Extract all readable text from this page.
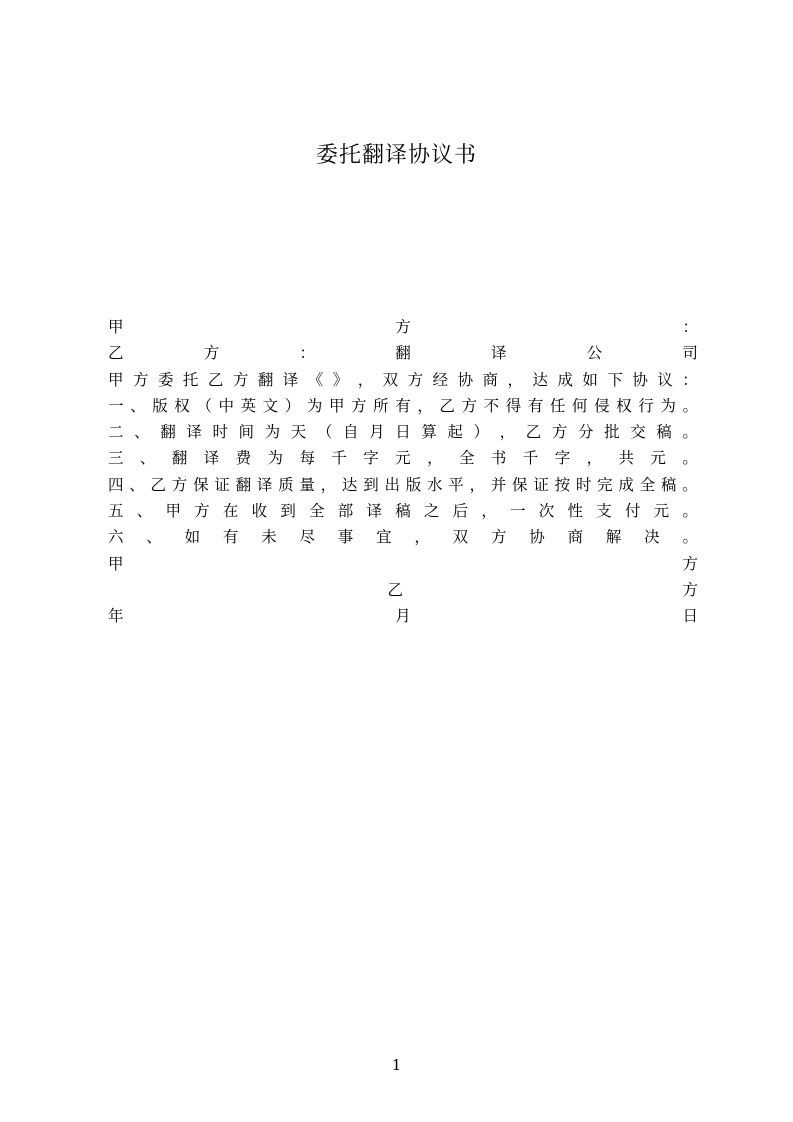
委托翻译协议书
甲	方	：
乙	方	：	翻	译	公	司
甲 方 委 托 乙 方 翻 译 《 》 ， 双 方 经 协 商 ， 达 成 如 下 协 议 ：
一 、 版 权 （ 中 英 文 ） 为 甲 方 所 有 ， 乙 方 不 得 有 任 何 侵 权 行 为 。
二 、 翻 译 时 间 为 天 （ 自 月 日 算 起 ） ， 乙 方 分 批 交 稿 。
三 、 翻 译 费 为 每 千 字 元 ， 全 书 千 字 ， 共 元 。
四 、 乙 方 保 证 翻 译 质 量 ， 达 到 出 版 水 平 ， 并 保 证 按 时 完 成 全 稿 。
五 、 甲 方 在 收 到 全 部 译 稿 之 后 ， 一 次 性 支 付 元 。
六 、 如 有 未 尽 事 宜 ， 双 方 协 商 解 决 。
甲	方
乙	方
年	月	日
1
